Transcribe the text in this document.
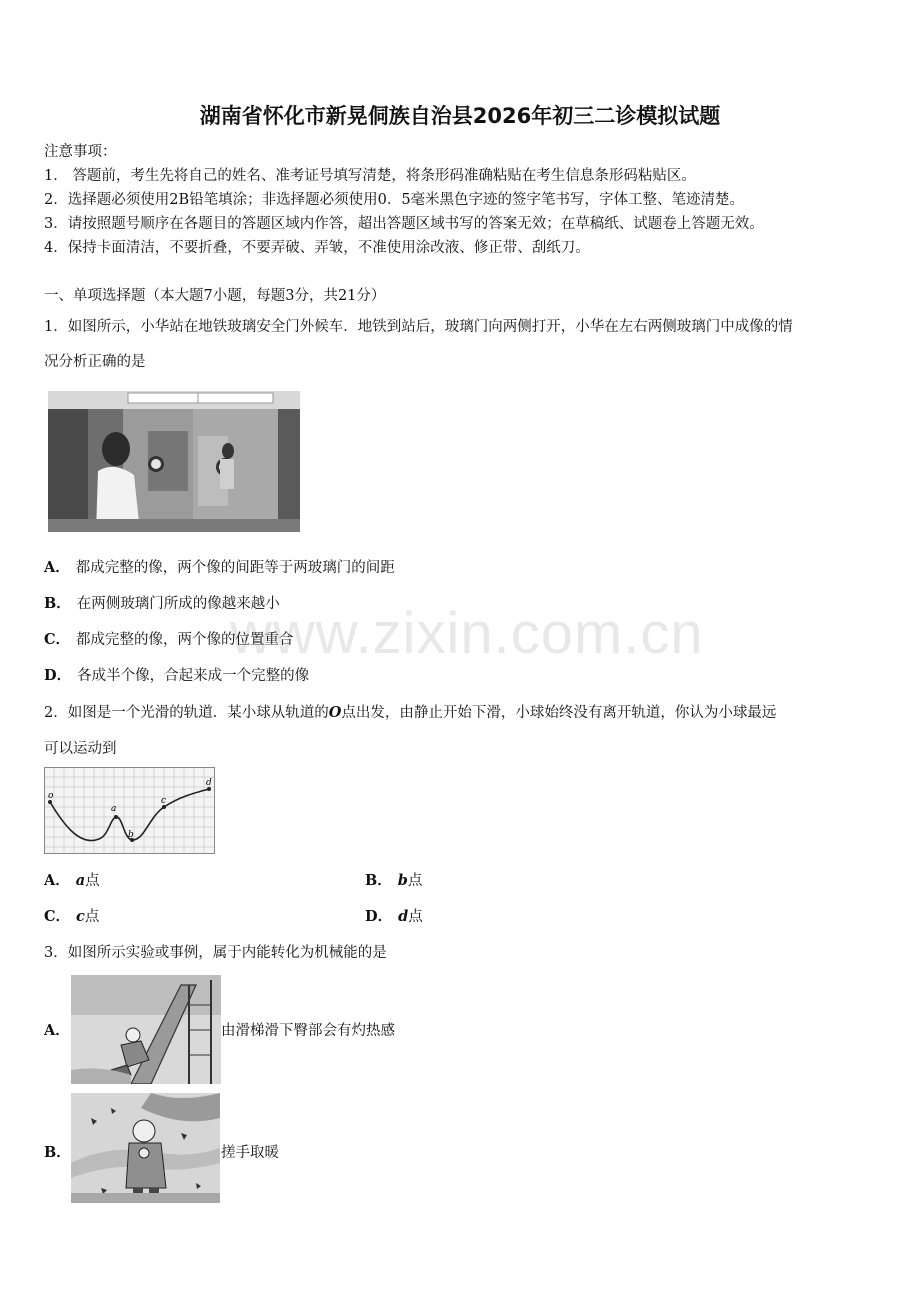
湖南省怀化市新晃侗族自治县2026年初三二诊模拟试题
注意事项：
1． 答题前，考生先将自己的姓名、准考证号填写清楚，将条形码准确粘贴在考生信息条形码粘贴区。
2．选择题必须使用2B铅笔填涂；非选择题必须使用0．5毫米黑色字迹的签字笔书写，字体工整、笔迹清楚。
3．请按照题号顺序在各题目的答题区域内作答，超出答题区域书写的答案无效；在草稿纸、试题卷上答题无效。
4．保持卡面清洁，不要折叠，不要弄破、弄皱，不准使用涂改液、修正带、刮纸刀。
一、单项选择题（本大题7小题，每题3分，共21分）
1．如图所示，小华站在地铁玻璃安全门外候车．地铁到站后，玻璃门向两侧打开，小华在左右两侧玻璃门中成像的情
况分析正确的是
A． 都成完整的像，两个像的间距等于两玻璃门的间距
B． 在两侧玻璃门所成的像越来越小
C． 都成完整的像，两个像的位置重合
D． 各成半个像，合起来成一个完整的像
www.zixin.com.cn
2．如图是一个光滑的轨道．某小球从轨道的O点出发，由静止开始下滑，小球始终没有离开轨道，你认为小球最远
可以运动到
o
a
b
c
d
A． a点	B． b点
C． c点	D． d点
3．如图所示实验或事例，属于内能转化为机械能的是
A．	由滑梯滑下臀部会有灼热感
B．	搓手取暖
